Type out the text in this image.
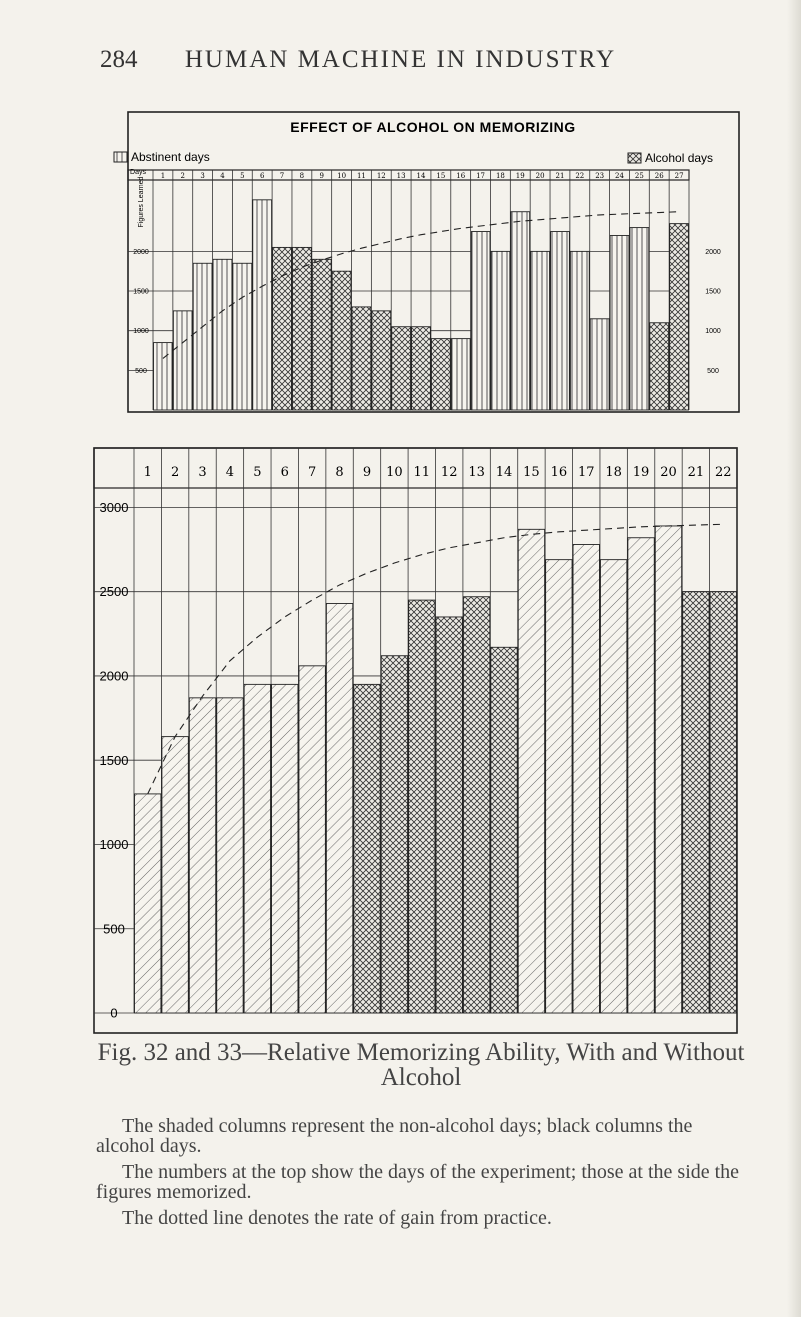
284 HUMAN MACHINE IN INDUSTRY
EFFECT OF ALCOHOL ON MEMORIZING
Abstinent days	Alcohol days
1 2 3 4 5 6 7 8 9 10 11 12 13 14 15 16 17 18 19 20 21 22 23 24 25 26 27
500	500
1000	1000
1500	1500
2000	2000
Days
Figures Learned
1 2 3 4 5 6 7 8 9 10 11 12 13 14 15 16 17 18 19 20 21 22
0
500
1000
1500
2000
2500
3000
Fig. 32 and 33—Relative Memorizing Ability, With and Without Alcohol

The shaded columns represent the non-alcohol days; black columns the alcohol days.

The numbers at the top show the days of the experiment; those at the side the figures memorized.

The dotted line denotes the rate of gain from practice.
